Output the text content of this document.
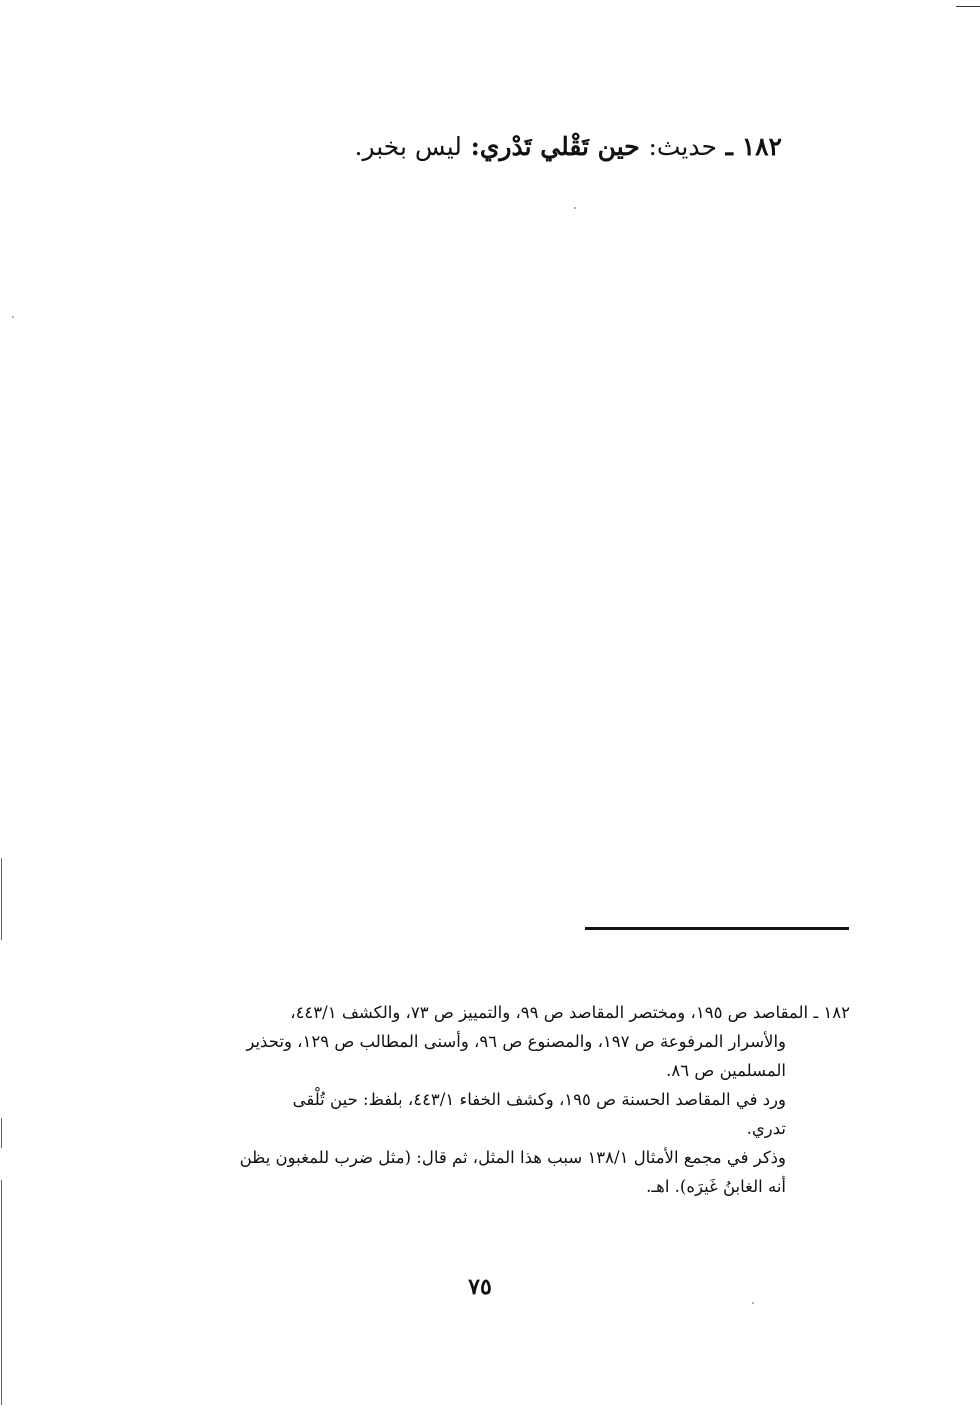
١٨٢ ـ حديث: حين تَقْلي تَدْري: ليس بخبر.
١٨٢ ـ المقاصد ص ١٩٥، ومختصر المقاصد ص ٩٩، والتمييز ص ٧٣، والكشف ٤٤٣/١،
والأسرار المرفوعة ص ١٩٧، والمصنوع ص ٩٦، وأسنى المطالب ص ١٢٩، وتحذير
المسلمين ص ٨٦.
ورد في المقاصد الحسنة ص ١٩٥، وكشف الخفاء ٤٤٣/١، بلفظ: حين تُلْقى
تدري.
وذكر في مجمع الأمثال ١٣٨/١ سبب هذا المثل، ثم قال: (مثل ضرب للمغبون يظن
أنه الغابنُ غَيرَه). اهـ.
٧٥
